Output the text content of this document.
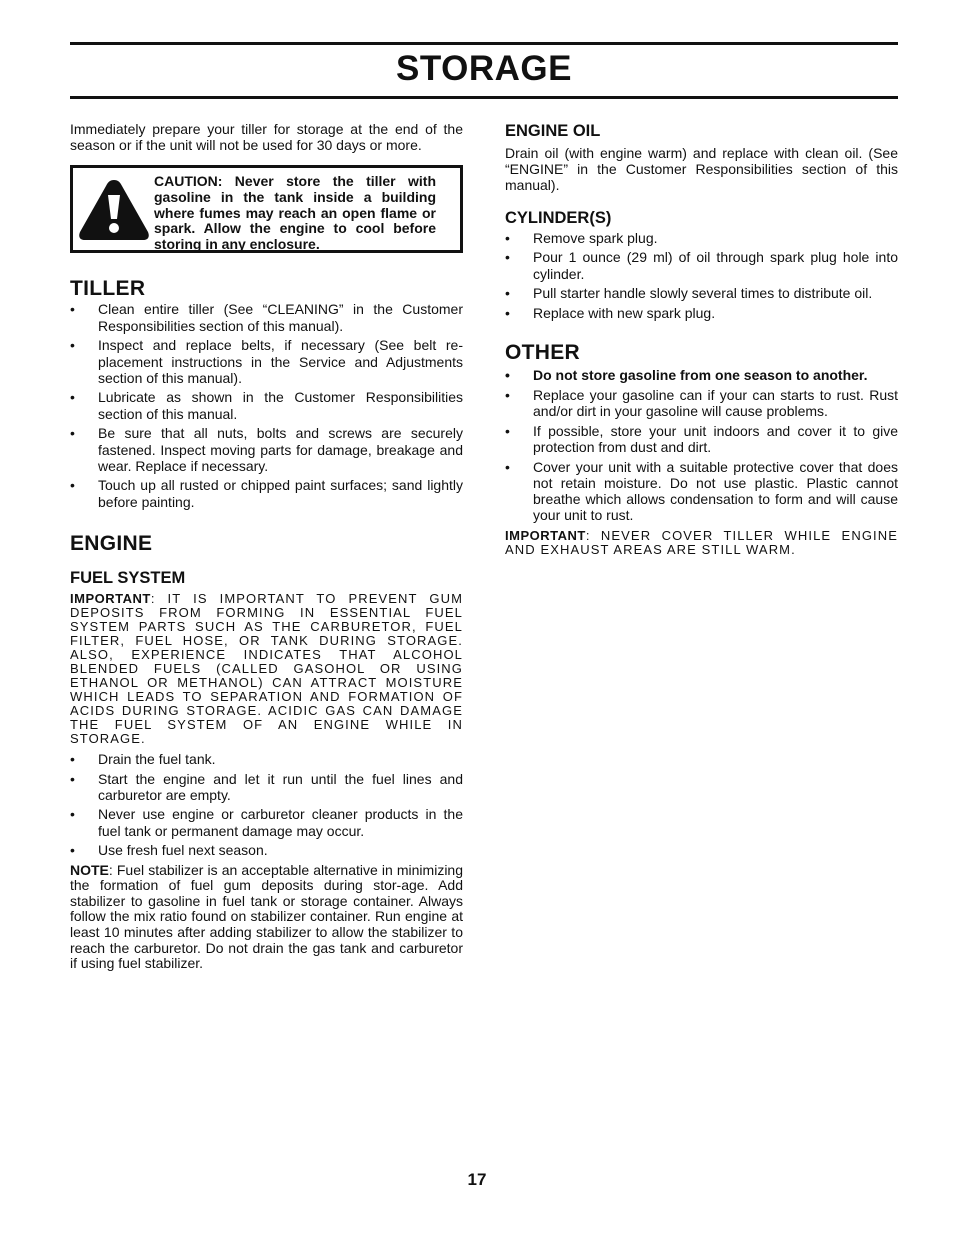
STORAGE

Immediately prepare your tiller for storage at the end of the season or if the unit will not be used for 30 days or more.

CAUTION: Never store the tiller with gasoline in the tank inside a building where fumes may reach an open flame or spark. Allow the engine to cool before storing in any enclosure.
TILLER
• Clean entire tiller (See “CLEANING” in the Customer Responsibilities section of this manual).
• Inspect and replace belts, if necessary (See belt re-placement instructions in the Service and Adjustments section of this manual).
• Lubricate as shown in the Customer Responsibilities section of this manual.
• Be sure that all nuts, bolts and screws are securely fastened. Inspect moving parts for damage, breakage and wear. Replace if necessary.
• Touch up all rusted or chipped paint surfaces; sand lightly before painting.
ENGINE
FUEL SYSTEM

IMPORTANT: IT IS IMPORTANT TO PREVENT GUM DEPOSITS FROM FORMING IN ESSENTIAL FUEL SYSTEM PARTS SUCH AS THE CARBURETOR, FUEL FILTER, FUEL HOSE, OR TANK DURING STORAGE. ALSO, EXPERIENCE INDICATES THAT ALCOHOL BLENDED FUELS (CALLED GASOHOL OR USING ETHANOL OR METHANOL) CAN ATTRACT MOISTURE WHICH LEADS TO SEPARATION AND FORMATION OF ACIDS DURING STORAGE. ACIDIC GAS CAN DAMAGE THE FUEL SYSTEM OF AN ENGINE WHILE IN STORAGE.

• Drain the fuel tank.
• Start the engine and let it run until the fuel lines and carburetor are empty.
• Never use engine or carburetor cleaner products in the fuel tank or permanent damage may occur.
• Use fresh fuel next season.

NOTE: Fuel stabilizer is an acceptable alternative in minimizing the formation of fuel gum deposits during stor-age. Add stabilizer to gasoline in fuel tank or storage container. Always follow the mix ratio found on stabilizer container. Run engine at least 10 minutes after adding stabilizer to allow the stabilizer to reach the carburetor. Do not drain the gas tank and carburetor if using fuel stabilizer.

ENGINE OIL

Drain oil (with engine warm) and replace with clean oil. (See “ENGINE” in the Customer Responsibilities section of this manual).

CYLINDER(S)
• Remove spark plug.
• Pour 1 ounce (29 ml) of oil through spark plug hole into cylinder.
• Pull starter handle slowly several times to distribute oil.
• Replace with new spark plug.
OTHER
• Do not store gasoline from one season to another.
• Replace your gasoline can if your can starts to rust. Rust and/or dirt in your gasoline will cause problems.
• If possible, store your unit indoors and cover it to give protection from dust and dirt.
• Cover your unit with a suitable protective cover that does not retain moisture. Do not use plastic. Plastic cannot breathe which allows condensation to form and will cause your unit to rust.

IMPORTANT: NEVER COVER TILLER WHILE ENGINE AND EXHAUST AREAS ARE STILL WARM.

17
